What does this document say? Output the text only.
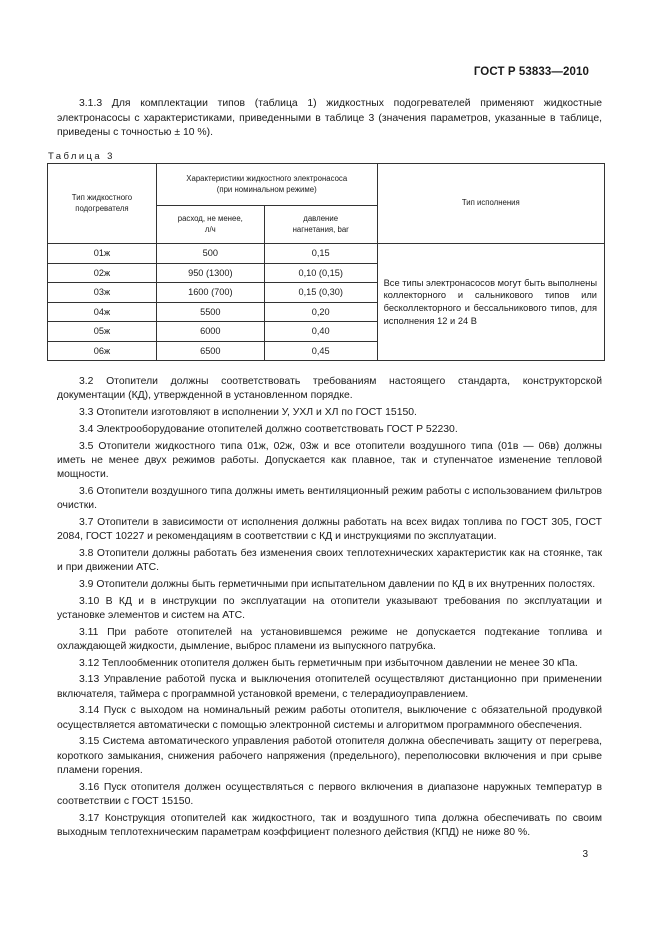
ГОСТ Р 53833—2010

3.1.3 Для комплектации типов (таблица 1) жидкостных подогревателей применяют жидкостные электронасосы с характеристиками, приведенными в таблице 3 (значения параметров, указанные в таблице, приведены с точностью ± 10 %).

Таблица 3

Тип жидкостного подогревателя	Характеристики жидкостного электронасоса (при номинальном режиме)		Тип исполнения
	расход, не менее, л/ч	давление нагнетания, bar	
01ж	500	0,15	Все типы электронасосов могут быть выполнены коллекторного и сальникового типов или бесколлекторного и бессальникового типов, для исполнения 12 и 24 В
02ж	950 (1300)	0,10 (0,15)	
03ж	1600 (700)	0,15 (0,30)	
04ж	5500	0,20	
05ж	6000	0,40	
06ж	6500	0,45	

3.2 Отопители должны соответствовать требованиям настоящего стандарта, конструкторской документации (КД), утвержденной в установленном порядке.

3.3 Отопители изготовляют в исполнении У, УХЛ и ХЛ по ГОСТ 15150.

3.4 Электрооборудование отопителей должно соответствовать ГОСТ Р 52230.

3.5 Отопители жидкостного типа 01ж, 02ж, 03ж и все отопители воздушного типа (01в — 06в) должны иметь не менее двух режимов работы. Допускается как плавное, так и ступенчатое изменение тепловой мощности.

3.6 Отопители воздушного типа должны иметь вентиляционный режим работы с использованием фильтров очистки.

3.7 Отопители в зависимости от исполнения должны работать на всех видах топлива по ГОСТ 305, ГОСТ 2084, ГОСТ 10227 и рекомендациям в соответствии с КД и инструкциями по эксплуатации.

3.8 Отопители должны работать без изменения своих теплотехнических характеристик как на стоянке, так и при движении АТС.

3.9 Отопители должны быть герметичными при испытательном давлении по КД в их внутренних полостях.

3.10 В КД и в инструкции по эксплуатации на отопители указывают требования по эксплуатации и установке элементов и систем на АТС.

3.11 При работе отопителей на установившемся режиме не допускается подтекание топлива и охлаждающей жидкости, дымление, выброс пламени из выпускного патрубка.

3.12 Теплообменник отопителя должен быть герметичным при избыточном давлении не менее 30 кПа.

3.13 Управление работой пуска и выключения отопителей осуществляют дистанционно при применении включателя, таймера с программной установкой времени, с телерадиоуправлением.

3.14 Пуск с выходом на номинальный режим работы отопителя, выключение с обязательной продувкой осуществляется автоматически с помощью электронной системы и алгоритмом программного обеспечения.

3.15 Система автоматического управления работой отопителя должна обеспечивать защиту от перегрева, короткого замыкания, снижения рабочего напряжения (предельного), переполюсовки включения и при срыве пламени горения.

3.16 Пуск отопителя должен осуществляться с первого включения в диапазоне наружных температур в соответствии с ГОСТ 15150.

3.17 Конструкция отопителей как жидкостного, так и воздушного типа должна обеспечивать по своим выходным теплотехническим параметрам коэффициент полезного действия (КПД) не ниже 80 %.

3
